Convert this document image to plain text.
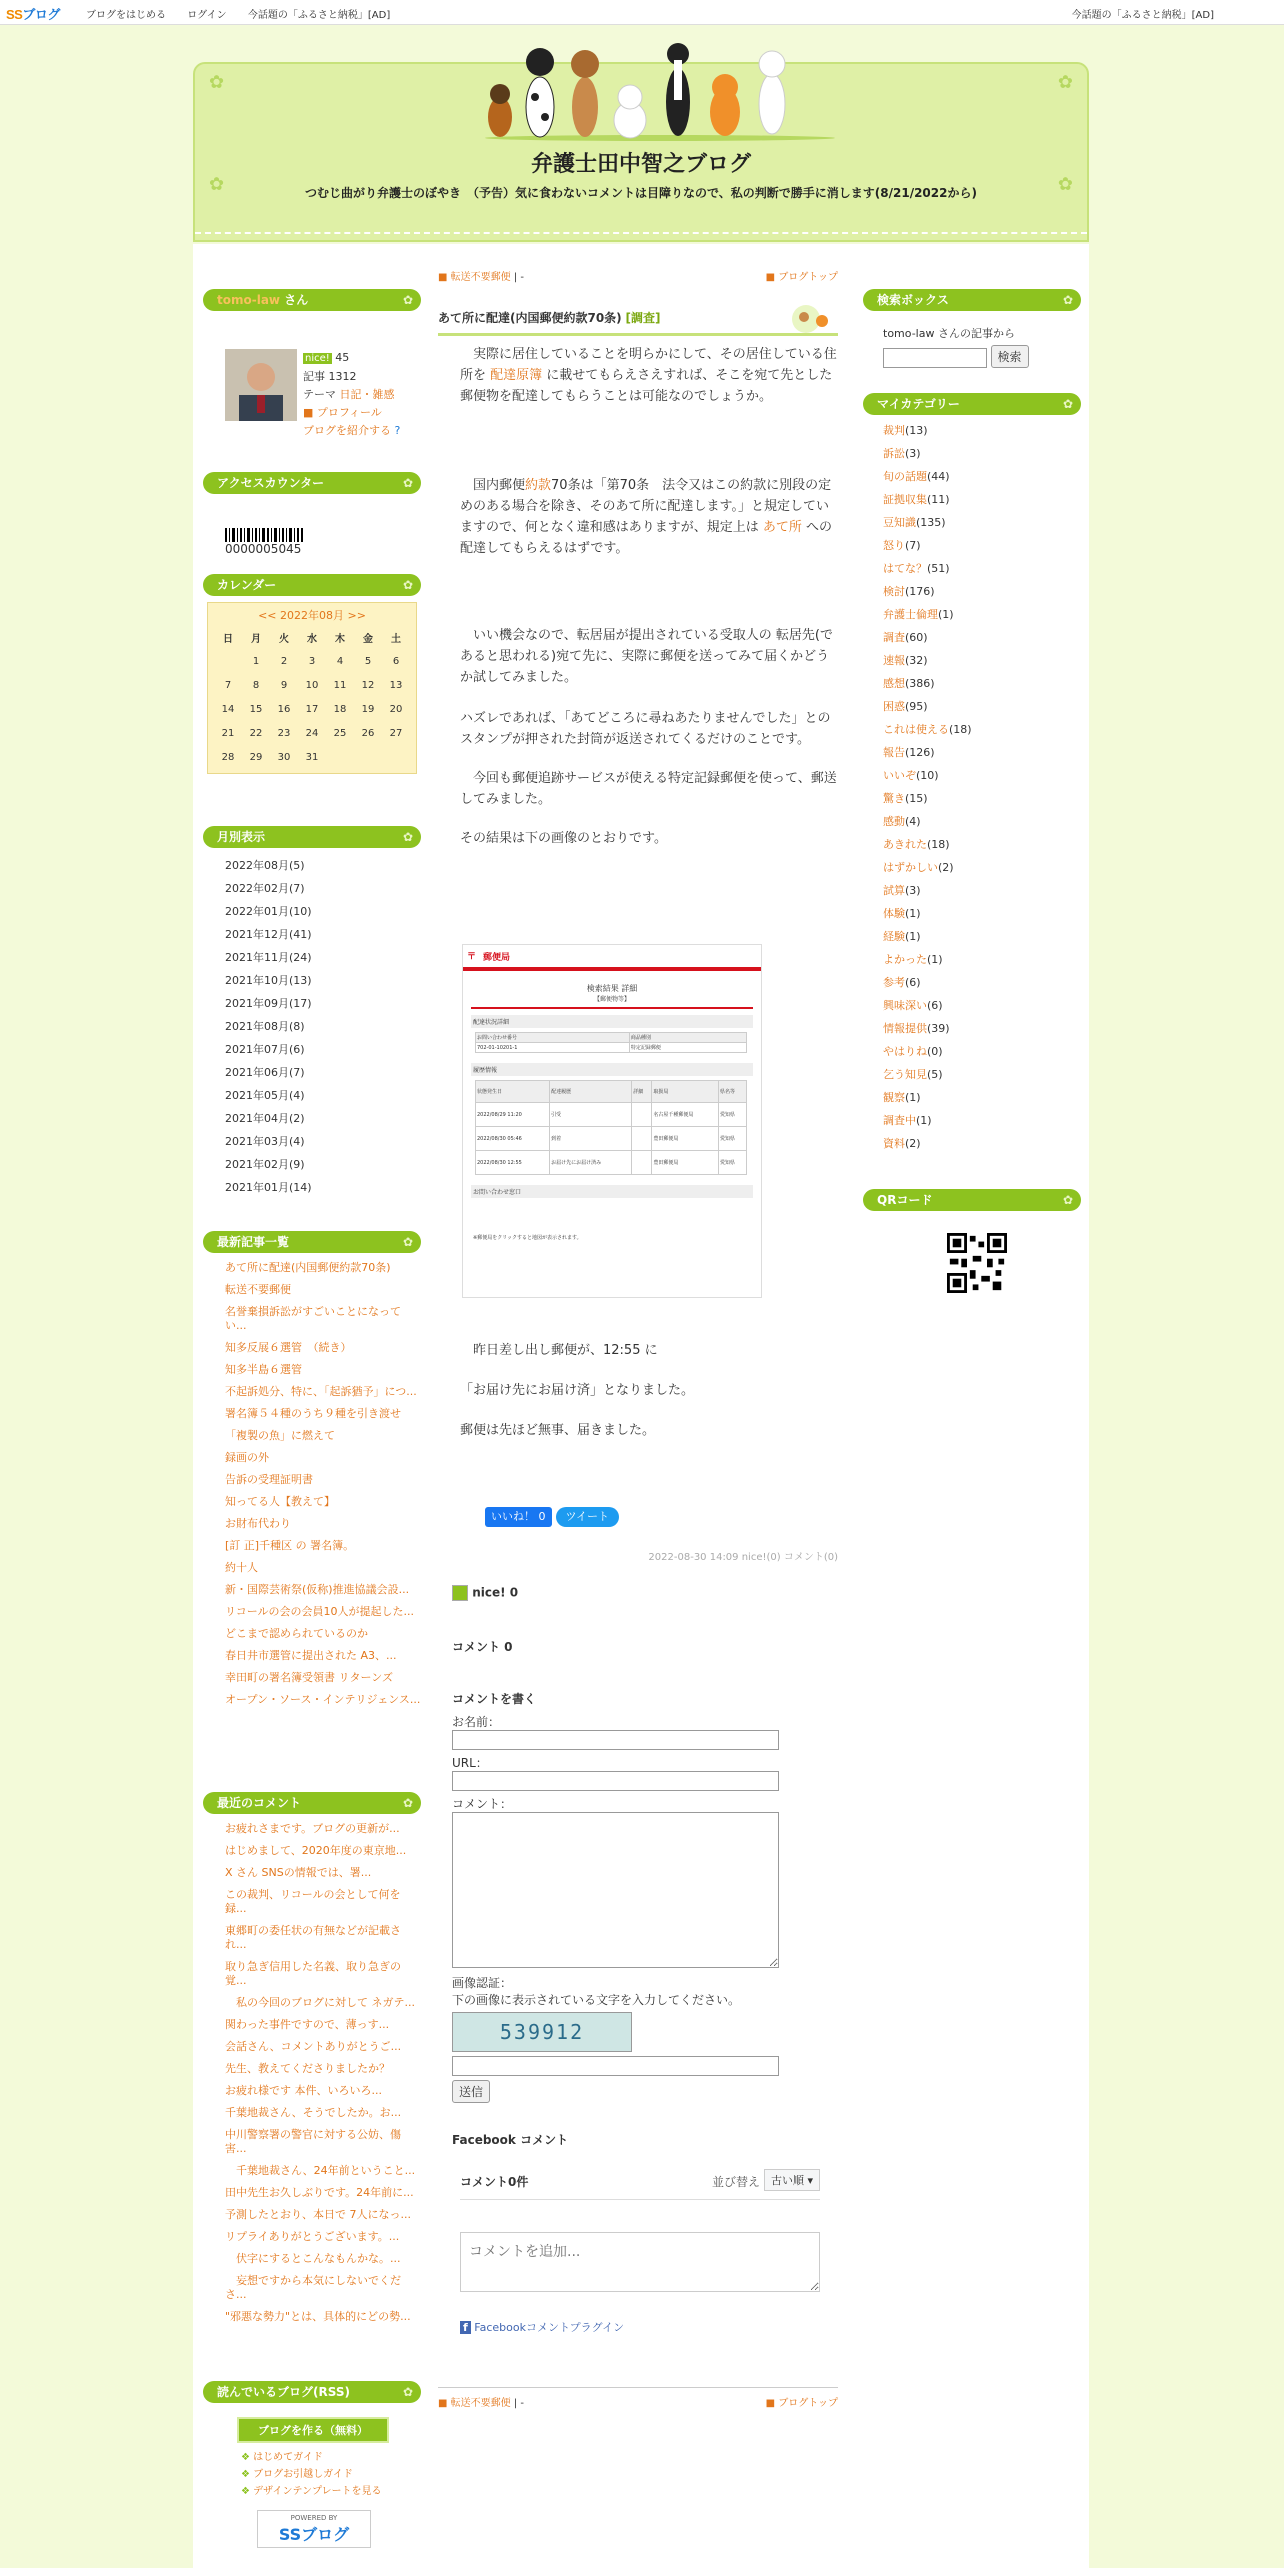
SSブログ	ブログをはじめる ログイン 今話題の「ふるさと納税」[AD]	今話題の「ふるさと納税」[AD]
✿	✿
✿	✿
弁護士田中智之ブログ
つむじ曲がり弁護士のぼやき　（予告）気に食わないコメントは目障りなので、私の判断で勝手に消します(8/21/2022から)
tomo-law さん ✿
nice! 45
記事 1312
テーマ 日記・雑感
■ プロフィール
ブログを紹介する ?
アクセスカウンター ✿
0000005045
カレンダー ✿
<< 2022年08月 >>
日	月	火	水	木	金	土
	1	2	3	4	5	6
7	8	9	10	11	12	13
14	15	16	17	18	19	20
21	22	23	24	25	26	27
28	29	30	31			
月別表示 ✿
2022年08月(5)
2022年02月(7)
2022年01月(10)
2021年12月(41)
2021年11月(24)
2021年10月(13)
2021年09月(17)
2021年08月(8)
2021年07月(6)
2021年06月(7)
2021年05月(4)
2021年04月(2)
2021年03月(4)
2021年02月(9)
2021年01月(14)
最新記事一覧 ✿
あて所に配達(内国郵便約款70条)
転送不要郵便
名誉棄損訴訟がすごいことになってい...
知多反展６選管　（続き）
知多半島６選管
不起訴処分、特に、「起訴猶予」につ...
署名簿５４種のうち９種を引き渡せ
「複製の魚」に燃えて
録画の外
告訴の受理証明書
知ってる人【教えて】
お財布代わり
[訂 正]千種区 の 署名簿。
約十人
新・国際芸術祭(仮称)推進協議会設...
リコールの会の会員10人が提起した...
どこまで認められているのか
春日井市選管に提出された A3、...
幸田町の署名簿受領書 リターンズ
オープン・ソース・インテリジェンス...
最近のコメント ✿
お疲れさまです。ブログの更新が...
はじめまして、2020年度の東京地...
X さん SNSの情報では、署...
この裁判、リコールの会として何を録...
東郷町の委任状の有無などが記載され...
取り急ぎ信用した名義、取り急ぎの覚...
　私の今回のブログに対して ネガテ...
関わった事件ですので、薄っす...
会話さん、コメントありがとうご...
先生、教えてくださりましたか？
お疲れ様です 本件、いろいろ...
千葉地裁さん、そうでしたか。お...
中川警察署の警官に対する公妨、傷害...
　千葉地裁さん、24年前ということ...
田中先生お久しぶりです。24年前に...
予測したとおり、本日で 7人になっ...
リプライありがとうございます。...
　伏字にするとこんなもんかな。...
　妄想ですから本気にしないでくださ...
"邪悪な勢力"とは、具体的にどの勢...
読んでいるブログ(RSS) ✿
ブログを作る（無料）
❖ はじめてガイド
❖ ブログお引越しガイド
❖ デザインテンプレートを見る
POWERED BY
SSブログ
■ 転送不要郵便 | -	■ ブログトップ
あて所に配達(内国郵便約款70条) [調査]

　実際に居住していることを明らかにして、その居住している住所を 配達原簿 に載せてもらえさえすれば、そこを宛て先とした郵便物を配達してもらうことは可能なのでしょうか。

　国内郵便約款70条は「第70条　法令又はこの約款に別段の定めのある場合を除き、そのあて所に配達します。」と規定していますので、何となく違和感はありますが、規定上は あて所 への配達してもらえるはずです。

　いい機会なので、転居届が提出されている受取人の 転居先(であると思われる)宛て先に、実際に郵便を送ってみて届くかどうか試してみました。

ハズレであれば、「あてどころに尋ねあたりませんでした」とのスタンプが押された封筒が返送されてくるだけのことです。

　今回も郵便追跡サービスが使える特定記録郵便を使って、郵送してみました。

その結果は下の画像のとおりです。

〒 郵便局
検索結果 詳細
【郵便物等】
配達状況詳細
お問い合わせ番号	商品種別
702-01-10201-1	特定記録郵便
履歴情報
状態発生日	配達履歴	詳細	取扱局	県名等
2022/08/29 11:20	引受		名古屋千種郵便局	愛知県
2022/08/30 05:46	到着		豊田郵便局	愛知県
2022/08/30 12:55	お届け先にお届け済み		豊田郵便局	愛知県
お問い合わせ窓口
※郵便局をクリックすると地図が表示されます。

　昨日差し出し郵便が、12:55 に

「お届け先にお届け済」となりました。

郵便は先ほど無事、届きました。

いいね！ 0	ツイート
2022-08-30 14:09 nice!(0) コメント(0)
nice! 0
コメント 0
コメントを書く
お名前：
URL：
コメント：
画像認証：
下の画像に表示されている文字を入力してください。
539912
送信
Facebook コメント
コメント0件	並び替え 古い順 ▾
コメントを追加...
f Facebookコメントプラグイン
■ 転送不要郵便 | -	■ ブログトップ
検索ボックス ✿
tomo-law さんの記事から
検索
マイカテゴリー ✿
裁判(13)
訴訟(3)
旬の話題(44)
証拠収集(11)
豆知識(135)
怒り(7)
はてな？(51)
検討(176)
弁護士倫理(1)
調査(60)
速報(32)
感想(386)
困惑(95)
これは使える(18)
報告(126)
いいぞ(10)
驚き(15)
感動(4)
あきれた(18)
はずかしい(2)
試算(3)
体験(1)
経験(1)
よかった(1)
参考(6)
興味深い(6)
情報提供(39)
やはりね(0)
乞う知見(5)
観察(1)
調査中(1)
資料(2)
QRコード ✿
